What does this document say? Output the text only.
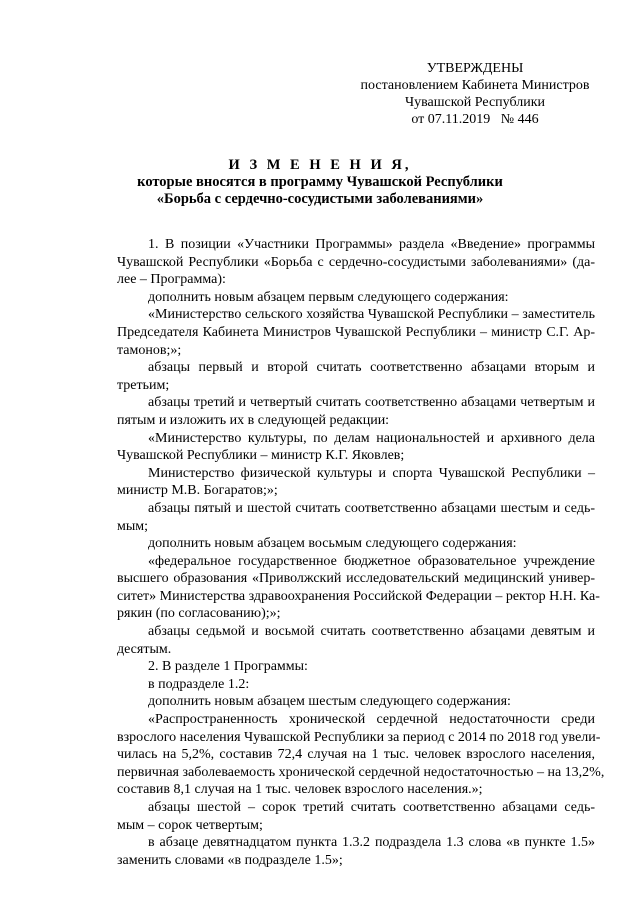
УТВЕРЖДЕНЫ
постановлением Кабинета Министров
Чувашской Республики
от 07.11.2019   № 446
И З М Е Н Е Н И Я,
которые вносятся в программу Чувашской Республики
«Борьба с сердечно-сосудистыми заболеваниями»
1. В позиции «Участники Программы» раздела «Введение» программы
Чувашской Республики «Борьба с сердечно-сосудистыми заболеваниями» (да-
лее – Программа):
дополнить новым абзацем первым следующего содержания:
«Министерство сельского хозяйства Чувашской Республики – заместитель
Председателя Кабинета Министров Чувашской Республики – министр С.Г. Ар-
тамонов;»;
абзацы первый и второй считать соответственно абзацами вторым и
третьим;
абзацы третий и четвертый считать соответственно абзацами четвертым и
пятым и изложить их в следующей редакции:
«Министерство культуры, по делам национальностей и архивного дела
Чувашской Республики – министр К.Г. Яковлев;
Министерство физической культуры и спорта Чувашской Республики –
министр М.В. Богаратов;»;
абзацы пятый и шестой считать соответственно абзацами шестым и седь-
мым;
дополнить новым абзацем восьмым следующего содержания:
«федеральное государственное бюджетное образовательное учреждение
высшего образования «Приволжский исследовательский медицинский универ-
ситет» Министерства здравоохранения Российской Федерации – ректор Н.Н. Ка-
рякин (по согласованию);»;
абзацы седьмой и восьмой считать соответственно абзацами девятым и
десятым.
2. В разделе 1 Программы:
в подразделе 1.2:
дополнить новым абзацем шестым следующего содержания:
«Распространенность хронической сердечной недостаточности среди
взрослого населения Чувашской Республики за период с 2014 по 2018 год увели-
чилась на 5,2%, составив 72,4 случая на 1 тыс. человек взрослого населения,
первичная заболеваемость хронической сердечной недостаточностью – на 13,2%,
составив 8,1 случая на 1 тыс. человек взрослого населения.»;
абзацы шестой – сорок третий считать соответственно абзацами седь-
мым – сорок четвертым;
в абзаце девятнадцатом пункта 1.3.2 подраздела 1.3 слова «в пункте 1.5»
заменить словами «в подразделе 1.5»;
